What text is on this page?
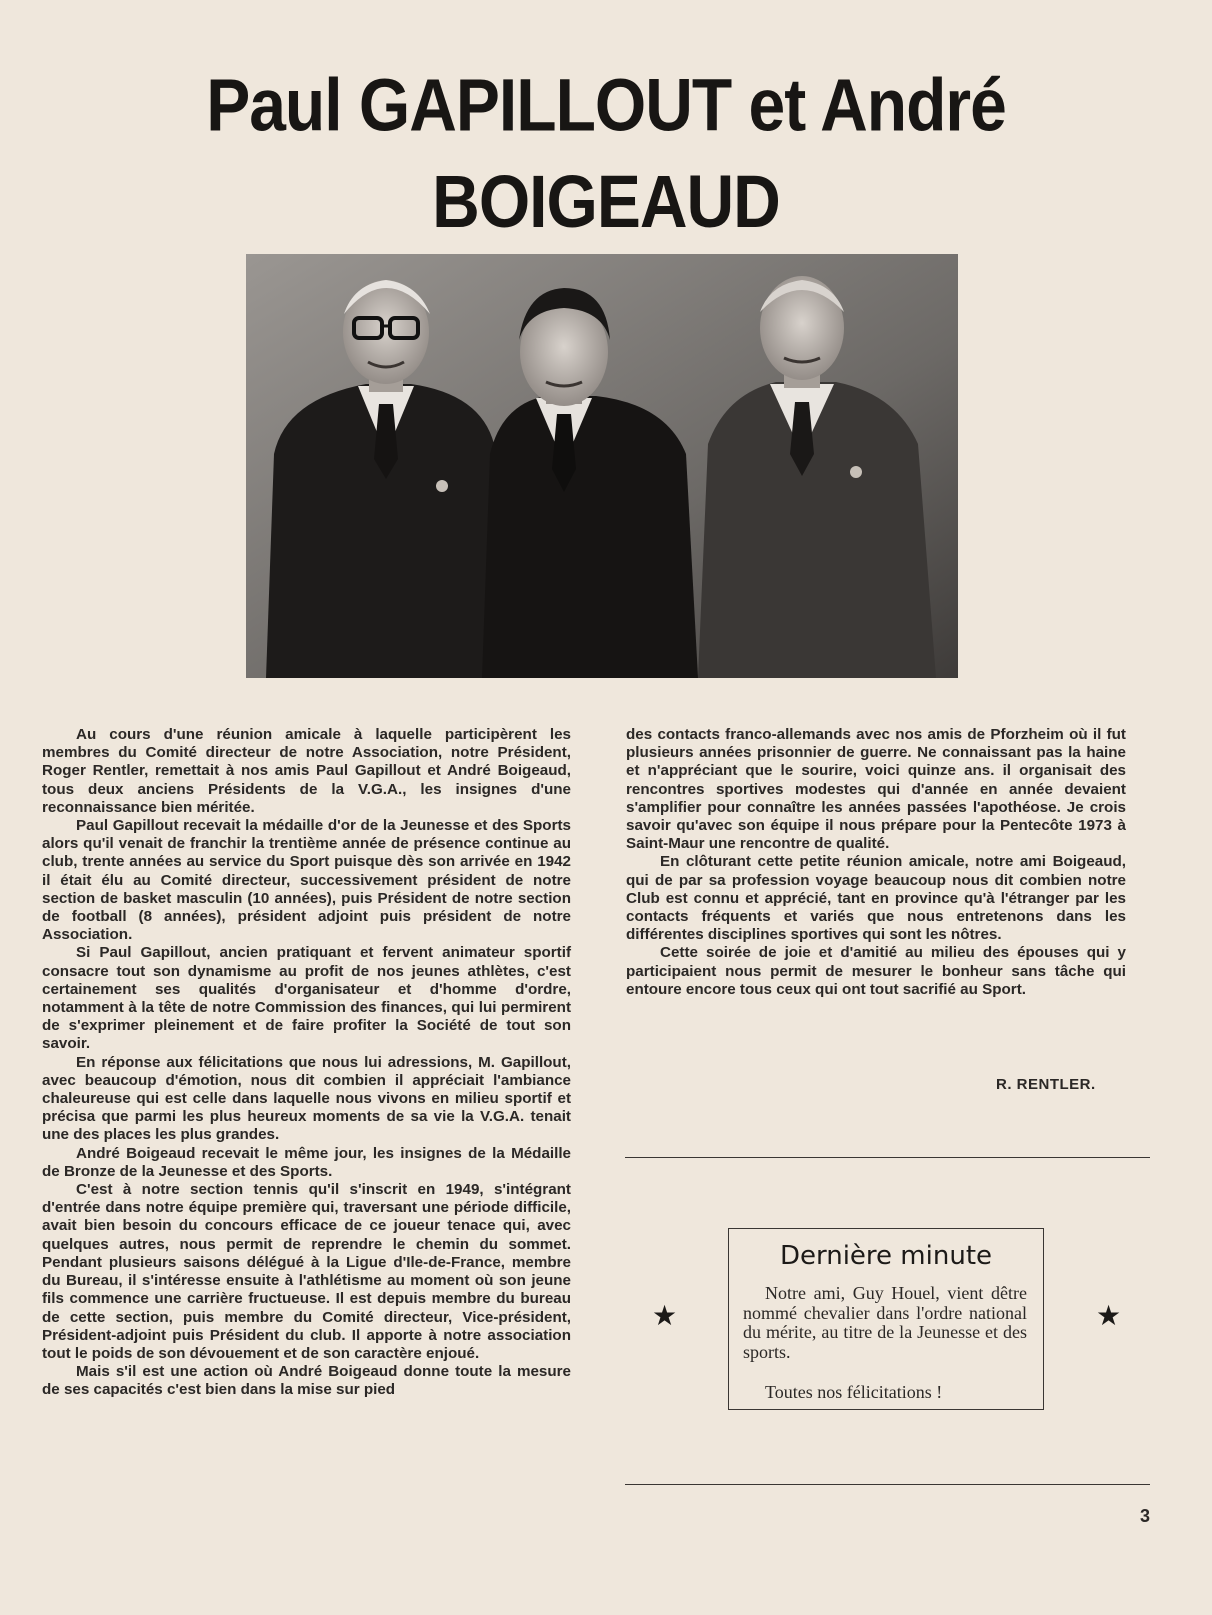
Paul GAPILLOUT et André BOIGEAUD

Au cours d'une réunion amicale à laquelle participèrent les membres du Comité directeur de notre Association, notre Président, Roger Rentler, remettait à nos amis Paul Gapillout et André Boigeaud, tous deux anciens Présidents de la V.G.A., les insignes d'une reconnaissance bien méritée.

Paul Gapillout recevait la médaille d'or de la Jeunesse et des Sports alors qu'il venait de franchir la trentième année de présence continue au club, trente années au service du Sport puisque dès son arrivée en 1942 il était élu au Comité directeur, successivement président de notre section de basket masculin (10 années), puis Président de notre section de football (8 années), président adjoint puis président de notre Association.

Si Paul Gapillout, ancien pratiquant et fervent animateur sportif consacre tout son dynamisme au profit de nos jeunes athlètes, c'est certainement ses qualités d'organisateur et d'homme d'ordre, notamment à la tête de notre Commission des finances, qui lui permirent de s'exprimer pleinement et de faire profiter la Société de tout son savoir.

En réponse aux félicitations que nous lui adressions, M. Gapillout, avec beaucoup d'émotion, nous dit combien il appréciait l'ambiance chaleureuse qui est celle dans laquelle nous vivons en milieu sportif et précisa que parmi les plus heureux moments de sa vie la V.G.A. tenait une des places les plus grandes.

André Boigeaud recevait le même jour, les insignes de la Médaille de Bronze de la Jeunesse et des Sports.

C'est à notre section tennis qu'il s'inscrit en 1949, s'intégrant d'entrée dans notre équipe première qui, traversant une période difficile, avait bien besoin du concours efficace de ce joueur tenace qui, avec quelques autres, nous permit de reprendre le chemin du sommet. Pendant plusieurs saisons délégué à la Ligue d'Ile-de-France, membre du Bureau, il s'intéresse ensuite à l'athlétisme au moment où son jeune fils commence une carrière fructueuse. Il est depuis membre du bureau de cette section, puis membre du Comité directeur, Vice-président, Président-adjoint puis Président du club. Il apporte à notre association tout le poids de son dévouement et de son caractère enjoué.

Mais s'il est une action où André Boigeaud donne toute la mesure de ses capacités c'est bien dans la mise sur pied

des contacts franco-allemands avec nos amis de Pforzheim où il fut plusieurs années prisonnier de guerre. Ne connaissant pas la haine et n'appréciant que le sourire, voici quinze ans. il organisait des rencontres sportives modestes qui d'année en année devaient s'amplifier pour connaître les années passées l'apothéose. Je crois savoir qu'avec son équipe il nous prépare pour la Pentecôte 1973 à Saint-Maur une rencontre de qualité.

En clôturant cette petite réunion amicale, notre ami Boigeaud, qui de par sa profession voyage beaucoup nous dit combien notre Club est connu et apprécié, tant en province qu'à l'étranger par les contacts fréquents et variés que nous entretenons dans les différentes disciplines sportives qui sont les nôtres.

Cette soirée de joie et d'amitié au milieu des épouses qui y participaient nous permit de mesurer le bonheur sans tâche qui entoure encore tous ceux qui ont tout sacrifié au Sport.

R. RENTLER.
★
Dernière minute
Notre ami, Guy Houel, vient dêtre nommé chevalier dans l'ordre national du mérite, au titre de la Jeunesse et des sports.
Toutes nos félicitations !
★
3
